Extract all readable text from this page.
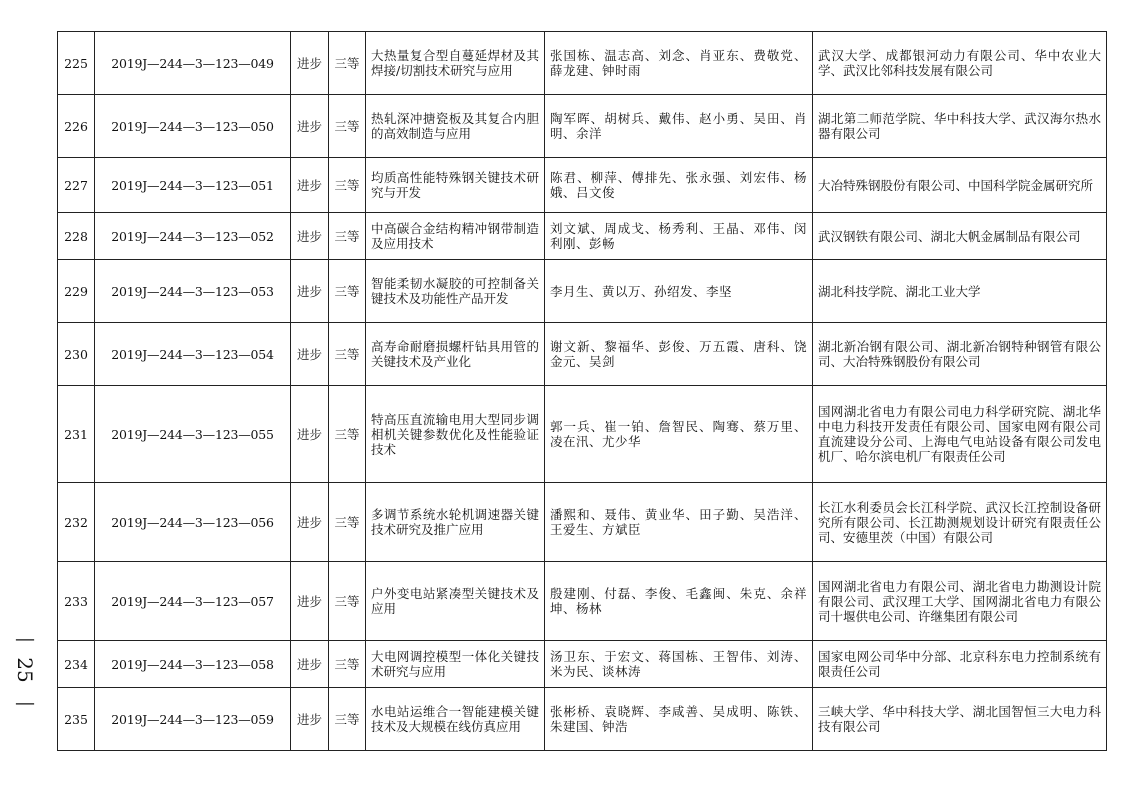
225	2019J—244—3—123—049	进步	三等	大热量复合型自蔓延焊材及其焊接/切割技术研究与应用	张国栋、温志高、刘念、肖亚东、费敬党、薛龙建、钟时雨	武汉大学、成都银河动力有限公司、华中农业大学、武汉比邻科技发展有限公司
226	2019J—244—3—123—050	进步	三等	热轧深冲搪瓷板及其复合内胆的高效制造与应用	陶军晖、胡树兵、戴伟、赵小勇、吴田、肖明、余洋	湖北第二师范学院、华中科技大学、武汉海尔热水器有限公司
227	2019J—244—3—123—051	进步	三等	均质高性能特殊钢关键技术研究与开发	陈君、柳萍、傅排先、张永强、刘宏伟、杨娥、吕文俊	大冶特殊钢股份有限公司、中国科学院金属研究所
228	2019J—244—3—123—052	进步	三等	中高碳合金结构精冲钢带制造及应用技术	刘文斌、周成戈、杨秀利、王晶、邓伟、闵利刚、彭畅	武汉钢铁有限公司、湖北大帆金属制品有限公司
229	2019J—244—3—123—053	进步	三等	智能柔韧水凝胶的可控制备关键技术及功能性产品开发	李月生、黄以万、孙绍发、李坚	湖北科技学院、湖北工业大学
230	2019J—244—3—123—054	进步	三等	高寿命耐磨损螺杆钻具用管的关键技术及产业化	谢文新、黎福华、彭俊、万五霞、唐科、饶金元、吴剑	湖北新冶钢有限公司、湖北新冶钢特种钢管有限公司、大冶特殊钢股份有限公司
231	2019J—244—3—123—055	进步	三等	特高压直流输电用大型同步调相机关键参数优化及性能验证技术	郭一兵、崔一铂、詹智民、陶骞、蔡万里、凌在汛、尤少华	国网湖北省电力有限公司电力科学研究院、湖北华中电力科技开发责任有限公司、国家电网有限公司直流建设分公司、上海电气电站设备有限公司发电机厂、哈尔滨电机厂有限责任公司
232	2019J—244—3—123—056	进步	三等	多调节系统水轮机调速器关键技术研究及推广应用	潘熙和、聂伟、黄业华、田子勤、吴浩洋、王爱生、方斌臣	长江水利委员会长江科学院、武汉长江控制设备研究所有限公司、长江勘测规划设计研究有限责任公司、安德里茨（中国）有限公司
233	2019J—244—3—123—057	进步	三等	户外变电站紧凑型关键技术及应用	殷建刚、付磊、李俊、毛鑫闽、朱克、余祥坤、杨林	国网湖北省电力有限公司、湖北省电力勘测设计院有限公司、武汉理工大学、国网湖北省电力有限公司十堰供电公司、许继集团有限公司
234	2019J—244—3—123—058	进步	三等	大电网调控模型一体化关键技术研究与应用	汤卫东、于宏文、蒋国栋、王智伟、刘涛、米为民、谈林涛	国家电网公司华中分部、北京科东电力控制系统有限责任公司
235	2019J—244—3—123—059	进步	三等	水电站运维合一智能建模关键技术及大规模在线仿真应用	张彬桥、袁晓辉、李咸善、吴成明、陈铁、朱建国、钟浩	三峡大学、华中科技大学、湖北国智恒三大电力科技有限公司
—
25
—
